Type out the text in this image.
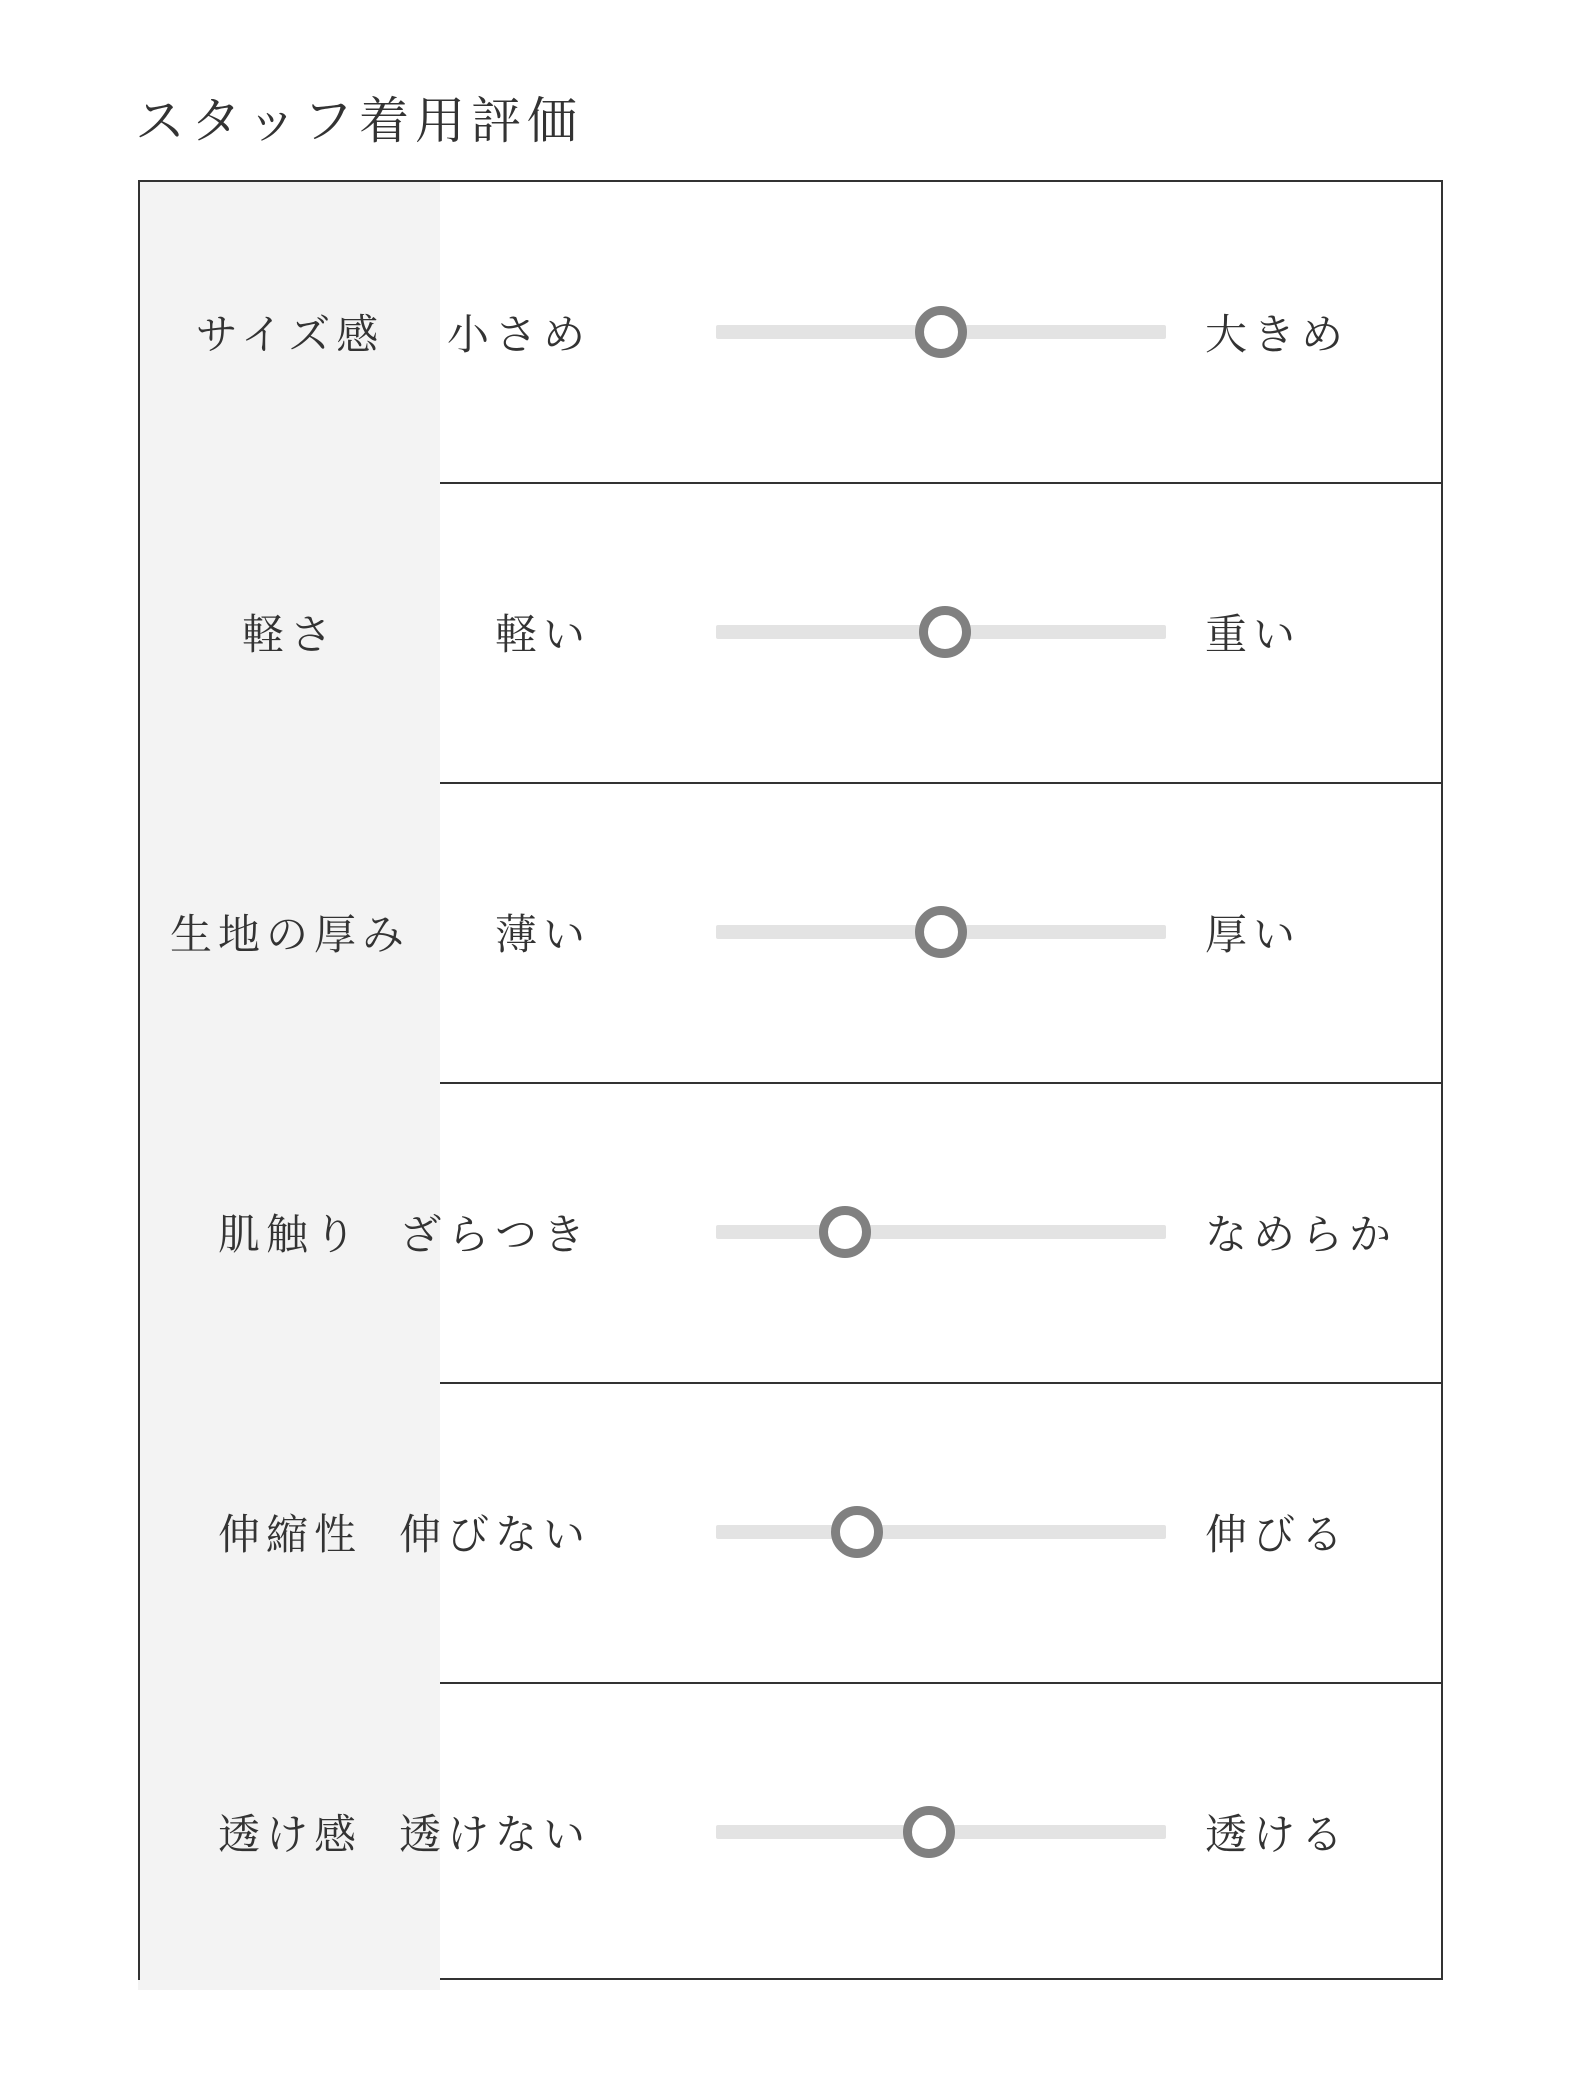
スタッフ着用評価
サイズ感 小さめ	大きめ
軽さ	軽い	重い
生地の厚み 薄い	厚い
肌触り ざらつき	なめらか
伸縮性 伸びない	伸びる
透け感 透けない	透ける
